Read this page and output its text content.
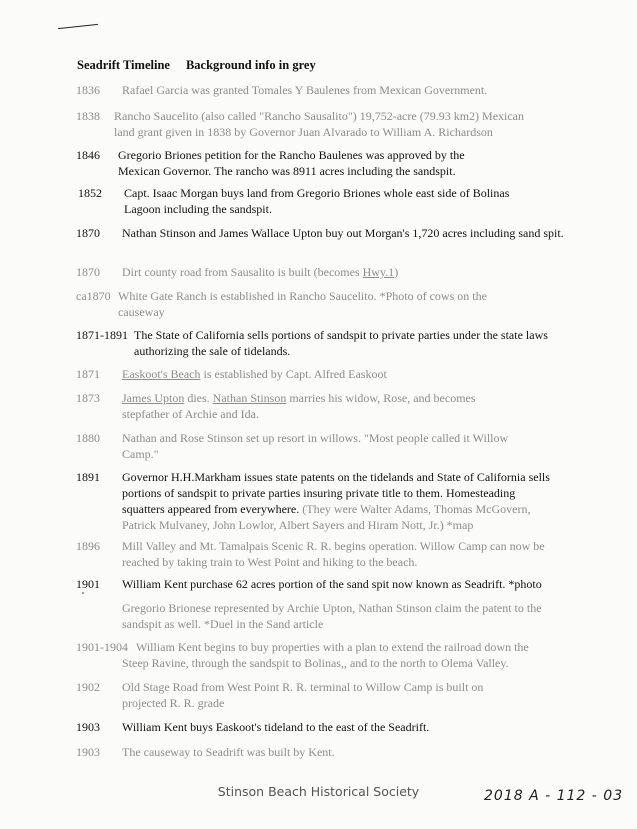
Seadrift Timeline Background info in grey
1836 Rafael Garcia was granted Tomales Y Baulenes from Mexican Government.
1838 Rancho Saucelito (also called "Rancho Sausalito") 19,752-acre (79.93 km2) Mexican land grant given in 1838 by Governor Juan Alvarado to William A. Richardson
1846 Gregorio Briones petition for the Rancho Baulenes was approved by the Mexican Governor. The rancho was 8911 acres including the sandspit.
1852 Capt. Isaac Morgan buys land from Gregorio Briones whole east side of Bolinas Lagoon including the sandspit.
1870 Nathan Stinson and James Wallace Upton buy out Morgan's 1,720 acres including sand spit.
1870 Dirt county road from Sausalito is built (becomes Hwy.1)
ca1870 White Gate Ranch is established in Rancho Saucelito. *Photo of cows on the causeway
1871-1891 The State of California sells portions of sandspit to private parties under the state laws authorizing the sale of tidelands.
1871 Easkoot's Beach is established by Capt. Alfred Easkoot
1873 James Upton dies. Nathan Stinson marries his widow, Rose, and becomes stepfather of Archie and Ida.
1880 Nathan and Rose Stinson set up resort in willows. "Most people called it Willow Camp."
1891 Governor H.H.Markham issues state patents on the tidelands and State of California sells portions of sandspit to private parties insuring private title to them. Homesteading squatters appeared from everywhere. (They were Walter Adams, Thomas McGovern, Patrick Mulvaney, John Lowlor, Albert Sayers and Hiram Nott, Jr.) *map
1896 Mill Valley and Mt. Tamalpais Scenic R. R. begins operation. Willow Camp can now be reached by taking train to West Point and hiking to the beach.
1901 William Kent purchase 62 acres portion of the sand spit now known as Seadrift. *photo
Gregorio Brionese represented by Archie Upton, Nathan Stinson claim the patent to the sandspit as well. *Duel in the Sand article
1901-1904 William Kent begins to buy properties with a plan to extend the railroad down the Steep Ravine, through the sandspit to Bolinas,, and to the north to Olema Valley.
1902 Old Stage Road from West Point R. R. terminal to Willow Camp is built on projected R. R. grade
1903 William Kent buys Easkoot's tideland to the east of the Seadrift.
1903 The causeway to Seadrift was built by Kent.
Stinson Beach Historical Society	2018 A - 112 - 03
